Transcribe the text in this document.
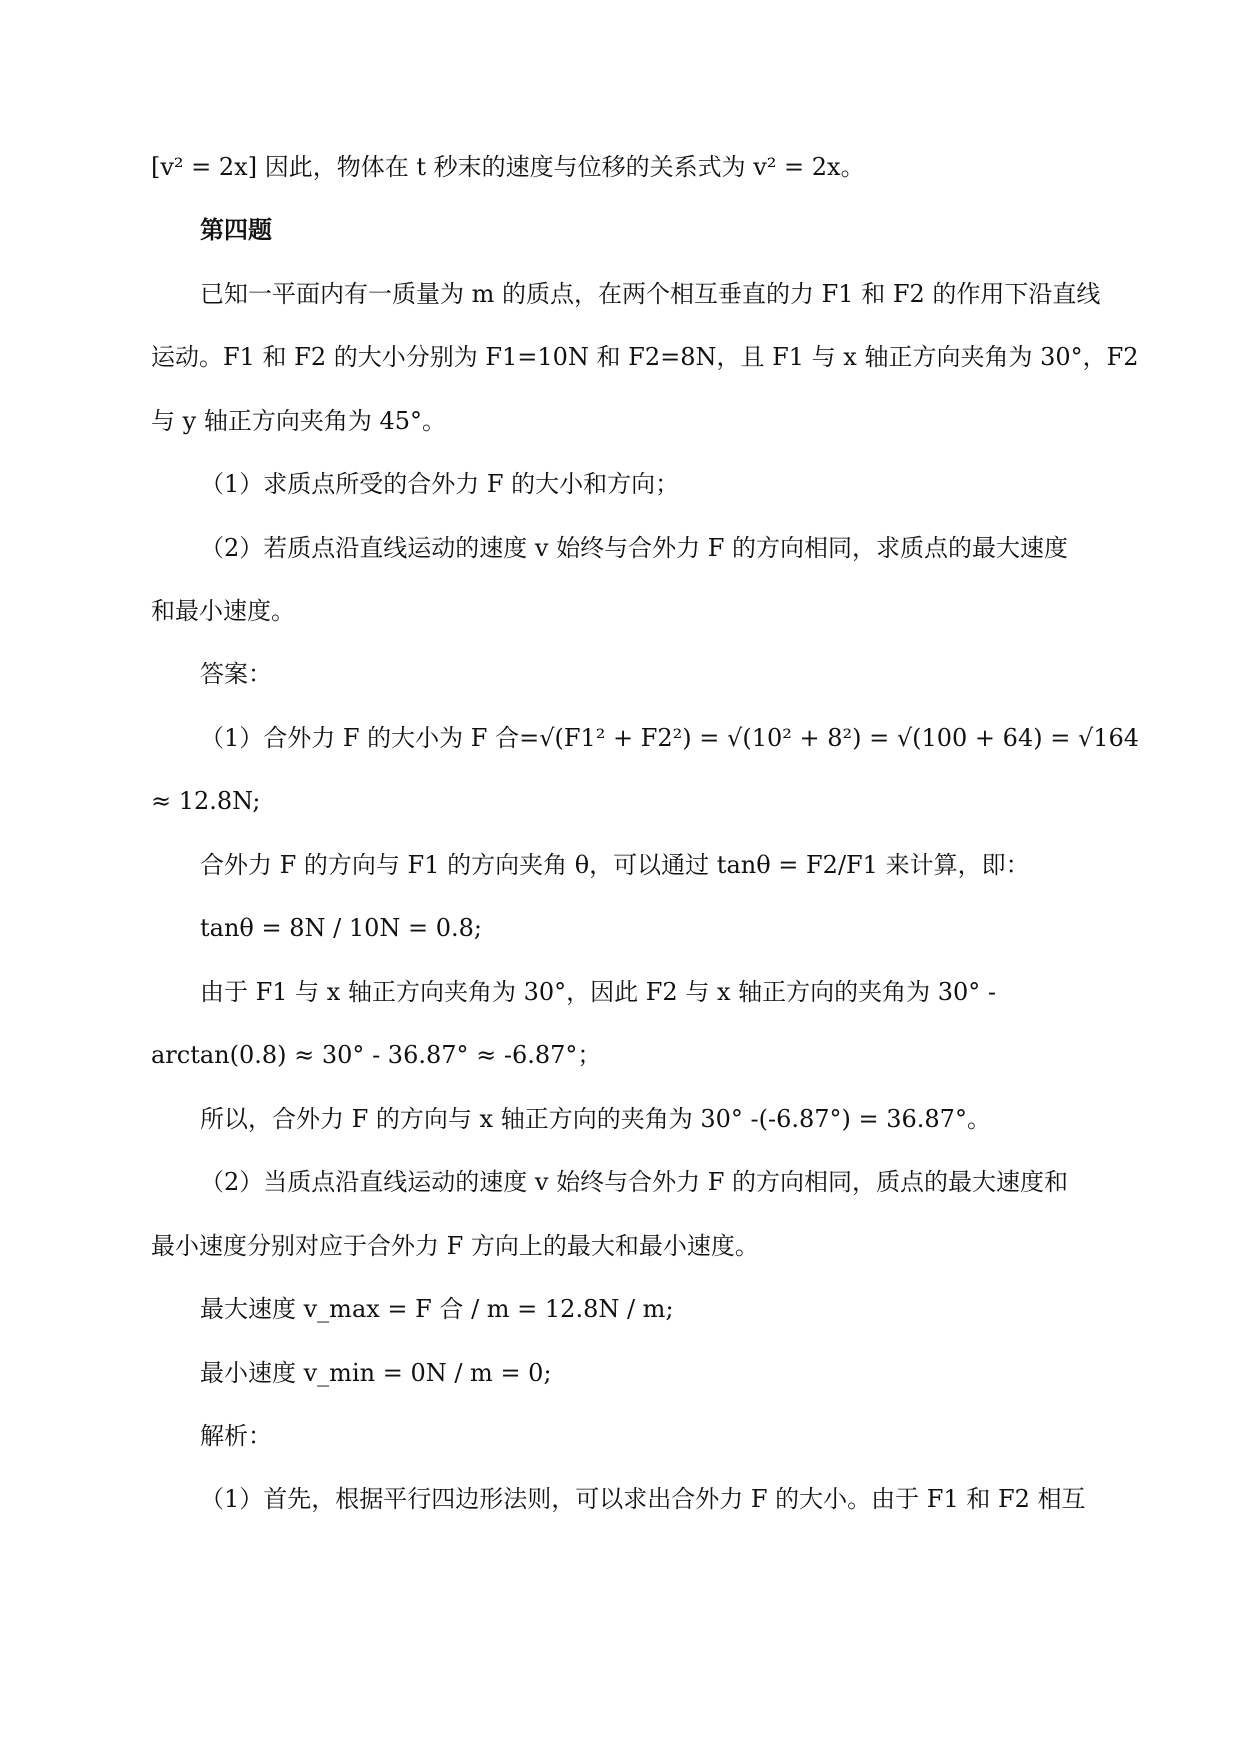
[v² = 2x] 因此，物体在 t 秒末的速度与位移的关系式为 v² = 2x。
第四题
已知一平面内有一质量为 m 的质点，在两个相互垂直的力 F1 和 F2 的作用下沿直线
运动。F1 和 F2 的大小分别为 F1=10N 和 F2=8N，且 F1 与 x 轴正方向夹角为 30°，F2
与 y 轴正方向夹角为 45°。
（1）求质点所受的合外力 F 的大小和方向；
（2）若质点沿直线运动的速度 v 始终与合外力 F 的方向相同，求质点的最大速度
和最小速度。
答案：
（1）合外力 F 的大小为 F 合=√(F1² + F2²) = √(10² + 8²) = √(100 + 64) = √164
≈ 12.8N;
合外力 F 的方向与 F1 的方向夹角 θ，可以通过 tanθ = F2/F1 来计算，即：
tanθ = 8N / 10N = 0.8;
由于 F1 与 x 轴正方向夹角为 30°，因此 F2 与 x 轴正方向的夹角为 30° -
arctan(0.8) ≈ 30° - 36.87° ≈ -6.87°；
所以，合外力 F 的方向与 x 轴正方向的夹角为 30° -(-6.87°) = 36.87°。
（2）当质点沿直线运动的速度 v 始终与合外力 F 的方向相同，质点的最大速度和
最小速度分别对应于合外力 F 方向上的最大和最小速度。
最大速度 v_max = F 合 / m = 12.8N / m;
最小速度 v_min = 0N / m = 0;
解析：
（1）首先，根据平行四边形法则，可以求出合外力 F 的大小。由于 F1 和 F2 相互
